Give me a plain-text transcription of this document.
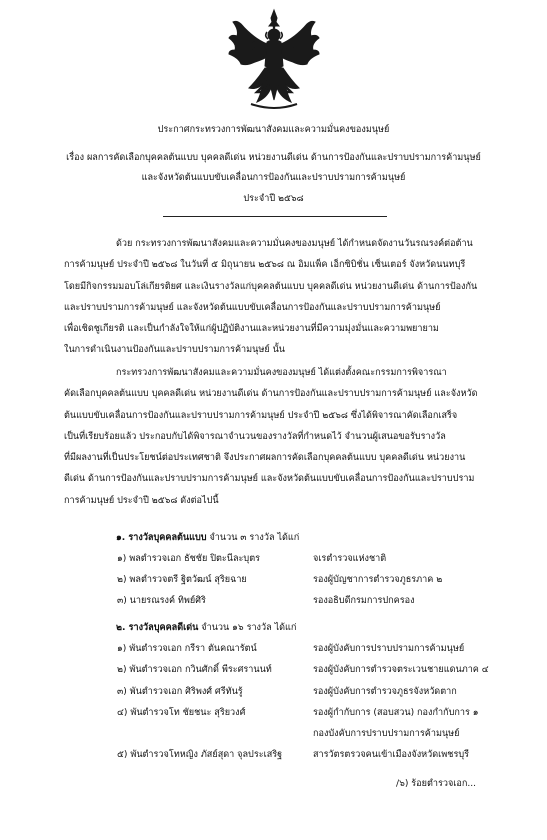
ประกาศกระทรวงการพัฒนาสังคมและความมั่นคงของมนุษย์
เรื่อง ผลการคัดเลือกบุคคลต้นแบบ บุคคลดีเด่น หน่วยงานดีเด่น ด้านการป้องกันและปราบปรามการค้ามนุษย์
และจังหวัดต้นแบบขับเคลื่อนการป้องกันและปราบปรามการค้ามนุษย์
ประจำปี ๒๕๖๘
ด้วย กระทรวงการพัฒนาสังคมและความมั่นคงของมนุษย์ ได้กำหนดจัดงานวันรณรงค์ต่อต้าน
การค้ามนุษย์ ประจำปี ๒๕๖๘ ในวันที่ ๕ มิถุนายน ๒๕๖๘ ณ อิมแพ็ค เอ็กซิบิชั่น เซ็นเตอร์ จังหวัดนนทบุรี
โดยมีกิจกรรมมอบโล่เกียรติยศ และเงินรางวัลแก่บุคคลต้นแบบ บุคคลดีเด่น หน่วยงานดีเด่น ด้านการป้องกัน
และปราบปรามการค้ามนุษย์ และจังหวัดต้นแบบขับเคลื่อนการป้องกันและปราบปรามการค้ามนุษย์
เพื่อเชิดชูเกียรติ และเป็นกำลังใจให้แก่ผู้ปฏิบัติงานและหน่วยงานที่มีความมุ่งมั่นและความพยายาม
ในการดำเนินงานป้องกันและปราบปรามการค้ามนุษย์ นั้น
กระทรวงการพัฒนาสังคมและความมั่นคงของมนุษย์ ได้แต่งตั้งคณะกรรมการพิจารณา
คัดเลือกบุคคลต้นแบบ บุคคลดีเด่น หน่วยงานดีเด่น ด้านการป้องกันและปราบปรามการค้ามนุษย์ และจังหวัด
ต้นแบบขับเคลื่อนการป้องกันและปราบปรามการค้ามนุษย์ ประจำปี ๒๕๖๘ ซึ่งได้พิจารณาคัดเลือกเสร็จ
เป็นที่เรียบร้อยแล้ว ประกอบกับได้พิจารณาจำนวนของรางวัลที่กำหนดไว้ จำนวนผู้เสนอขอรับรางวัล
ที่มีผลงานที่เป็นประโยชน์ต่อประเทศชาติ จึงประกาศผลการคัดเลือกบุคคลต้นแบบ บุคคลดีเด่น หน่วยงาน
ดีเด่น ด้านการป้องกันและปราบปรามการค้ามนุษย์ และจังหวัดต้นแบบขับเคลื่อนการป้องกันและปราบปราม
การค้ามนุษย์ ประจำปี ๒๕๖๘ ดังต่อไปนี้
๑. รางวัลบุคคลต้นแบบ จำนวน ๓ รางวัล ได้แก่
๑) พลตำรวจเอก ธัชชัย ปิตะนีละบุตร	จเรตำรวจแห่งชาติ
๒) พลตำรวจตรี ฐิตวัฒน์ สุริยฉาย	รองผู้บัญชาการตำรวจภูธรภาค ๒
๓) นายรณรงค์ ทิพย์ศิริ	รองอธิบดีกรมการปกครอง
๒. รางวัลบุคคลดีเด่น จำนวน ๑๖ รางวัล ได้แก่
๑) พันตำรวจเอก กรีรา ตันคณารัตน์	รองผู้บังคับการปราบปรามการค้ามนุษย์
๒) พันตำรวจเอก กวินศักดิ์ พีระศรานนท์	รองผู้บังคับการตำรวจตระเวนชายแดนภาค ๔
๓) พันตำรวจเอก ศิริพงศ์ ศรีทันรู้	รองผู้บังคับการตำรวจภูธรจังหวัดตาก
๔) พันตำรวจโท ชัยชนะ สุริยวงศ์	รองผู้กำกับการ (สอบสวน) กองกำกับการ ๑
กองบังคับการปราบปรามการค้ามนุษย์
๕) พันตำรวจโทหญิง ภัสย์สุดา จุลประเสริฐ	สารวัตรตรวจคนเข้าเมืองจังหวัดเพชรบุรี
/๖) ร้อยตำรวจเอก...
